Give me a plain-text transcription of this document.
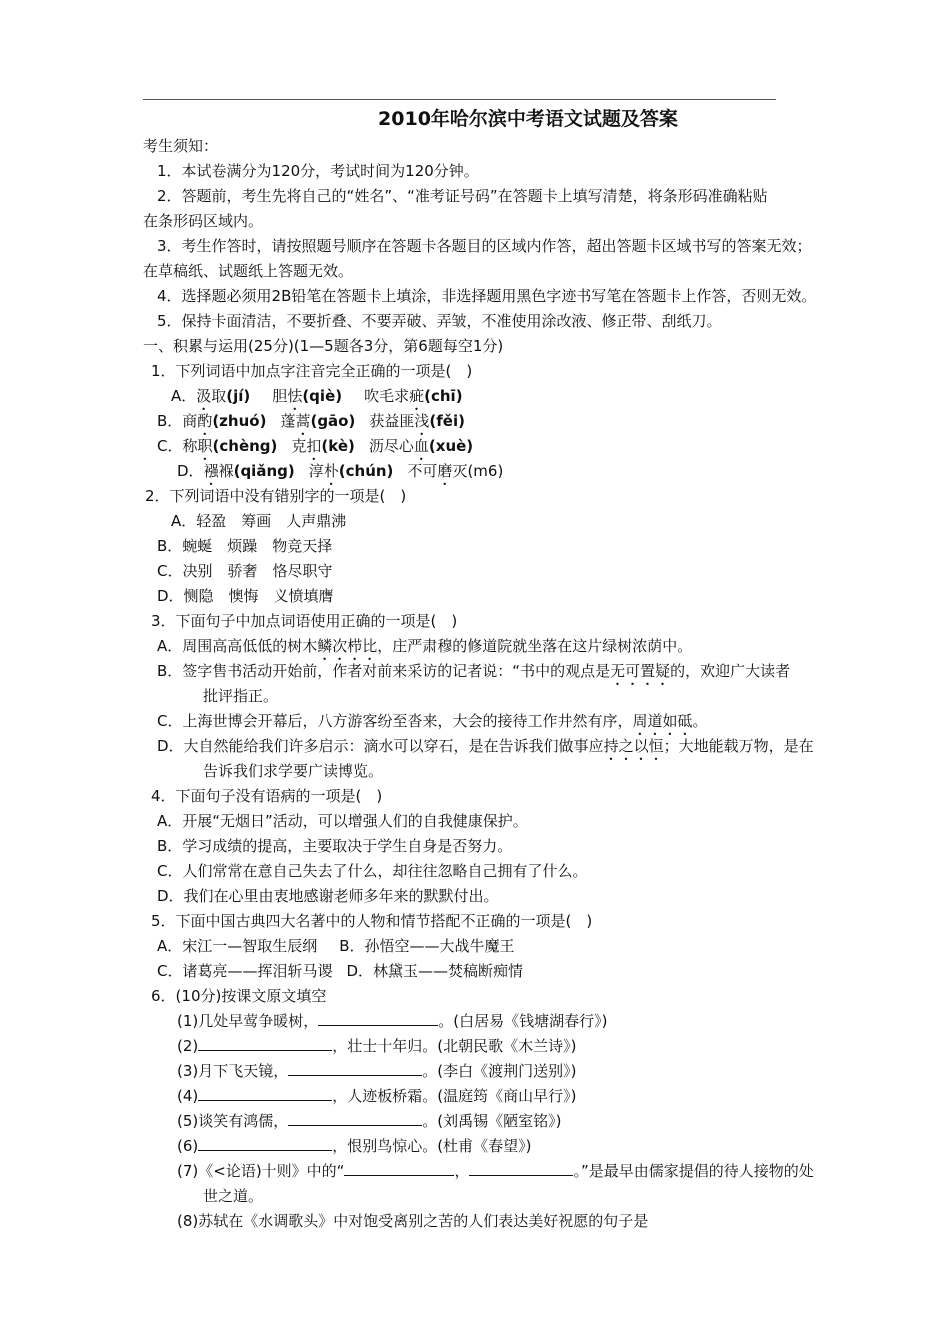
2010年哈尔滨中考语文试题及答案
考生须知：
1．本试卷满分为120分，考试时间为120分钟。
2．答题前，考生先将自己的“姓名”、“准考证号码”在答题卡上填写清楚，将条形码准确粘贴
在条形码区域内。
3．考生作答时，请按照题号顺序在答题卡各题目的区域内作答，超出答题卡区域书写的答案无效；
在草稿纸、试题纸上答题无效。
4．选择题必须用2B铅笔在答题卡上填涂，非选择题用黑色字迹书写笔在答题卡上作答，否则无效。
5．保持卡面清洁，不要折叠、不要弄破、弄皱，不准使用涂改液、修正带、刮纸刀。
一、积累与运用(25分)(1—5题各3分，第6题每空1分)
1．下列词语中加点字注音完全正确的一项是(　)
A．汲取(jí) 胆怯(qiè) 吹毛求疵(chī)
B．商酌(zhuó) 蓬蒿(gāo) 获益匪浅(fěi)
C．称职(chèng) 克扣(kè) 沥尽心血(xuè)
D．襁褓(qiǎng) 淳朴(chún) 不可磨灭(m6)
2．下列词语中没有错别字的一项是(　)
A．轻盈　筹画　人声鼎沸
B．蜿蜒　烦躁　物竞天择
C．决别　骄奢　恪尽职守
D．恻隐　懊悔　义愤填膺
3．下面句子中加点词语使用正确的一项是(　)
A．周围高高低低的树木鳞次栉比，庄严肃穆的修道院就坐落在这片绿树浓荫中。
B．签字售书活动开始前，作者对前来采访的记者说：“书中的观点是无可置疑的，欢迎广大读者
批评指正。
C．上海世博会开幕后，八方游客纷至沓来，大会的接待工作井然有序，周道如砥。
D．大自然能给我们许多启示：滴水可以穿石，是在告诉我们做事应持之以恒；大地能载万物，是在
告诉我们求学要广读博览。
4．下面句子没有语病的一项是(　)
A．开展“无烟日”活动，可以增强人们的自我健康保护。
B．学习成绩的提高，主要取决于学生自身是否努力。
C．人们常常在意自己失去了什么，却往往忽略自己拥有了什么。
D．我们在心里由衷地感谢老师多年来的默默付出。
5．下面中国古典四大名著中的人物和情节搭配不正确的一项是(　)
A．宋江一—智取生辰纲 B．孙悟空——大战牛魔王
C．诸葛亮——挥泪斩马谡 D．林黛玉——焚稿断痴情
6．(10分)按课文原文填空
(1)几处早莺争暖树，	。(白居易《钱塘湖春行》)
(2)	，壮士十年归。(北朝民歌《木兰诗》)
(3)月下飞天镜，	。(李白《渡荆门送别》)
(4)	，人迹板桥霜。(温庭筠《商山早行》)
(5)谈笑有鸿儒，	。(刘禹锡《陋室铭》)
(6)	，恨别鸟惊心。(杜甫《春望》)
(7)《<论语)十则》中的“	，	。”是最早由儒家提倡的待人接物的处
世之道。
(8)苏轼在《水调歌头》中对饱受离别之苦的人们表达美好祝愿的句子是
